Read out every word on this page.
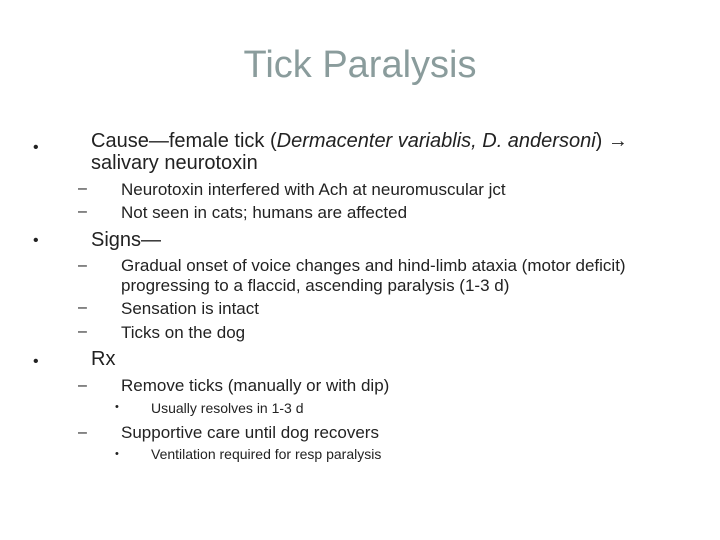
Tick Paralysis
•	Cause—female tick (Dermacenter variablis, D. andersoni) →
salivary neurotoxin
– Neurotoxin interfered with Ach at neuromuscular jct
– Not seen in cats; humans are affected
•	Signs—
– Gradual onset of voice changes and hind-limb ataxia (motor deficit)
progressing to a flaccid, ascending paralysis (1-3 d)
– Sensation is intact
– Ticks on the dog
•	Rx
– Remove ticks (manually or with dip)
• Usually resolves in 1-3 d
– Supportive care until dog recovers
• Ventilation required for resp paralysis
